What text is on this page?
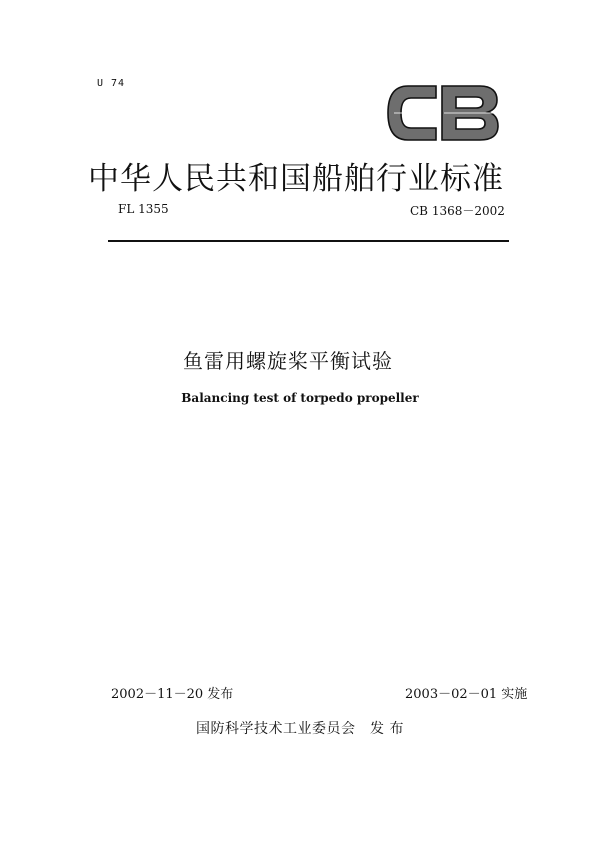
U 74
中华人民共和国船舶行业标准
FL 1355	CB 1368－2002
鱼雷用螺旋桨平衡试验
Balancing test of torpedo propeller
2002－11－20 发布	2003－02－01 实施
国防科学技术工业委员会　发 布
